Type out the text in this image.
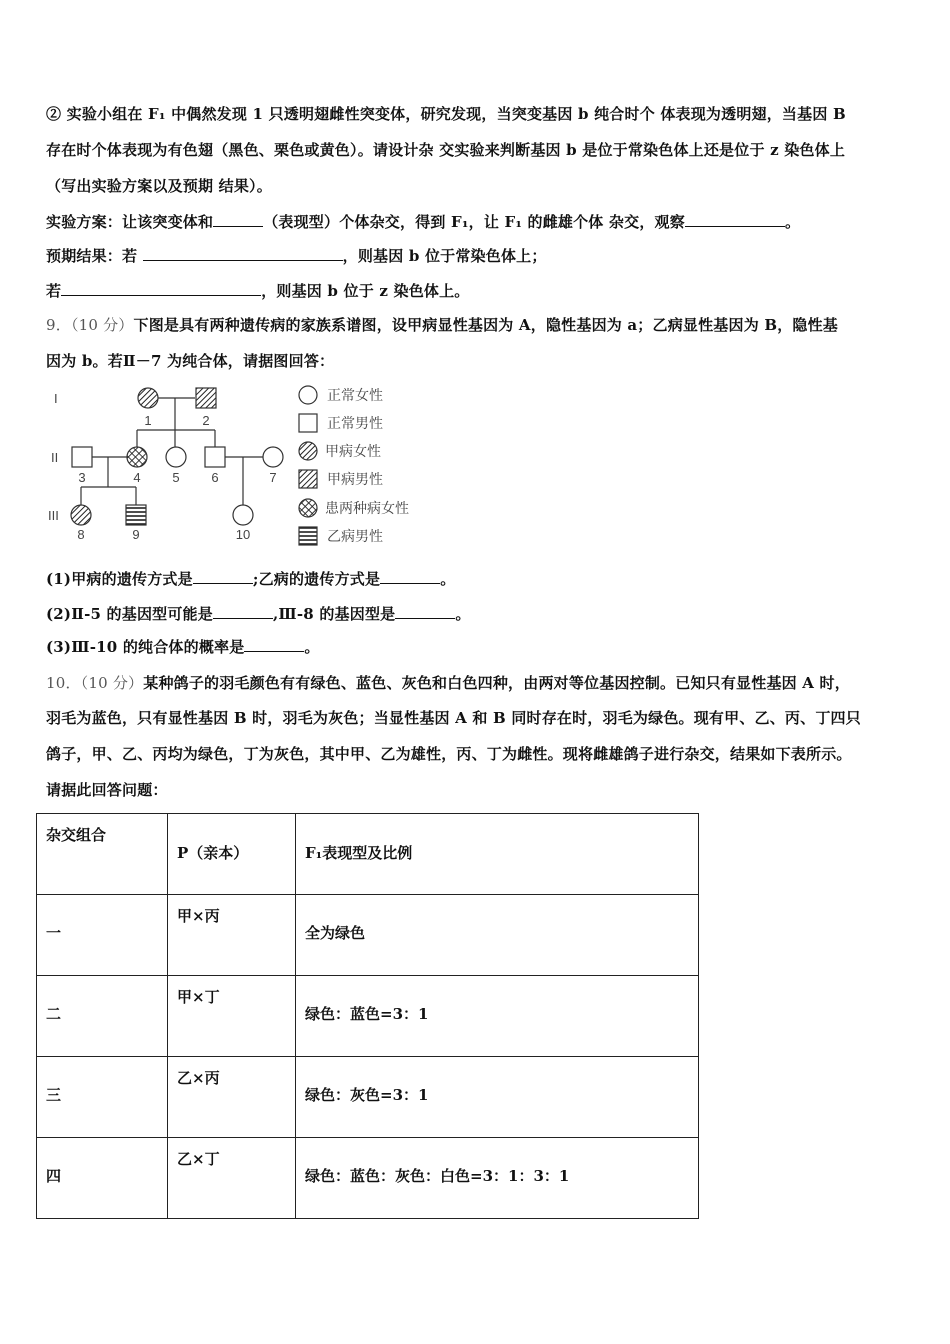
② 实验小组在 F₁ 中偶然发现 1 只透明翅雌性突变体，研究发现，当突变基因 b 纯合时个 体表现为透明翅，当基因 B
存在时个体表现为有色翅（黑色、栗色或黄色）。请设计杂 交实验来判断基因 b 是位于常染色体上还是位于 z 染色体上
（写出实验方案以及预期 结果）。
实验方案：让该突变体和	（表现型）个体杂交，得到 F₁，让 F₁ 的雌雄个体 杂交，观察	。
预期结果：若	，则基因 b 位于常染色体上；
若	，则基因 b 位于 z 染色体上。
9．（10 分）下图是具有两种遗传病的家族系谱图，设甲病显性基因为 A，隐性基因为 a；乙病显性基因为 B，隐性基
因为 b。若Ⅱ－7 为纯合体，请据图回答：
I
II
III
1	2
3	4 5 6	7
8	9	10
正常女性
正常男性
甲病女性
甲病男性
患两种病女性
乙病男性
(1)甲病的遗传方式是	;乙病的遗传方式是	。
(2)Ⅱ-5 的基因型可能是	,Ⅲ-8 的基因型是	。
(3)Ⅲ-10 的纯合体的概率是	。
10．（10 分）某种鸽子的羽毛颜色有有绿色、蓝色、灰色和白色四种，由两对等位基因控制。已知只有显性基因 A 时，
羽毛为蓝色，只有显性基因 B 时，羽毛为灰色；当显性基因 A 和 B 同时存在时，羽毛为绿色。现有甲、乙、丙、丁四只
鸽子，甲、乙、丙均为绿色，丁为灰色，其中甲、乙为雄性，丙、丁为雌性。现将雌雄鸽子进行杂交，结果如下表所示。
请据此回答问题：
杂交组合	P（亲本）	F₁表现型及比例

一	甲×丙	全为绿色

二	甲×丁	绿色：蓝色=3：1

三	乙×丙	绿色：灰色=3：1

四	乙×丁	绿色：蓝色：灰色：白色=3：1：3：1
